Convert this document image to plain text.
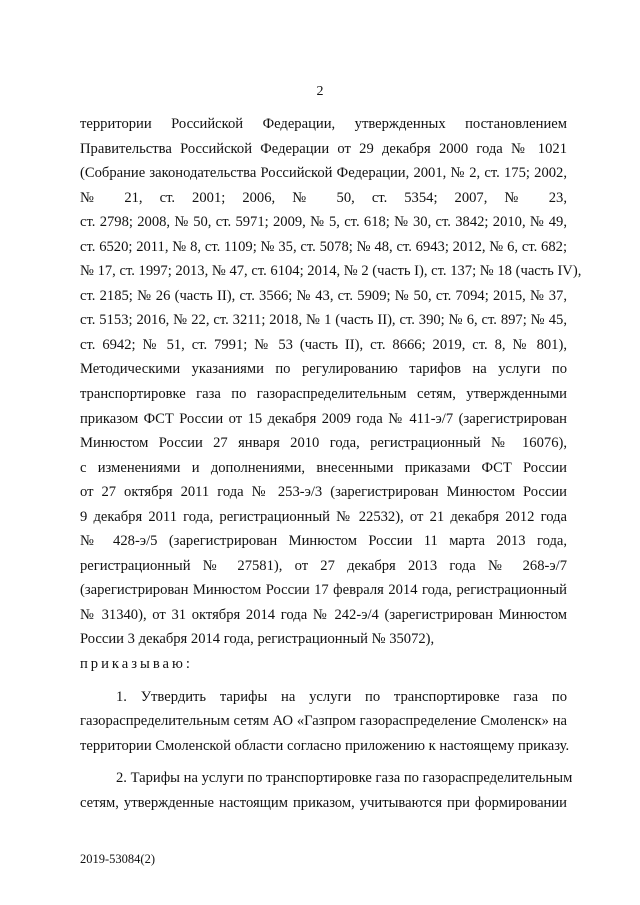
2
территории Российской Федерации, утвержденных постановлением
Правительства Российской Федерации от 29 декабря 2000 года № 1021
(Собрание законодательства Российской Федерации, 2001, № 2, ст. 175; 2002,
№ 21, ст. 2001; 2006, № 50, ст. 5354; 2007, № 23,
ст. 2798; 2008, № 50, ст. 5971; 2009, № 5, ст. 618; № 30, ст. 3842; 2010, № 49,
ст. 6520; 2011, № 8, ст. 1109; № 35, ст. 5078; № 48, ст. 6943; 2012, № 6, ст. 682;
№ 17, ст. 1997; 2013, № 47, ст. 6104; 2014, № 2 (часть I), ст. 137; № 18 (часть IV),
ст. 2185; № 26 (часть II), ст. 3566; № 43, ст. 5909; № 50, ст. 7094; 2015, № 37,
ст. 5153; 2016, № 22, ст. 3211; 2018, № 1 (часть II), ст. 390; № 6, ст. 897; № 45,
ст. 6942; № 51, ст. 7991; № 53 (часть II), ст. 8666; 2019, ст. 8, № 801),
Методическими указаниями по регулированию тарифов на услуги по
транспортировке газа по газораспределительным сетям, утвержденными
приказом ФСТ России от 15 декабря 2009 года № 411-э/7 (зарегистрирован
Минюстом России 27 января 2010 года, регистрационный № 16076),
с изменениями и дополнениями, внесенными приказами ФСТ России
от 27 октября 2011 года № 253-э/3 (зарегистрирован Минюстом России
9 декабря 2011 года, регистрационный № 22532), от 21 декабря 2012 года
№ 428-э/5 (зарегистрирован Минюстом России 11 марта 2013 года,
регистрационный № 27581), от 27 декабря 2013 года № 268-э/7
(зарегистрирован Минюстом России 17 февраля 2014 года, регистрационный
№ 31340), от 31 октября 2014 года № 242-э/4 (зарегистрирован Минюстом
России 3 декабря 2014 года, регистрационный № 35072),
приказываю:
1. Утвердить тарифы на услуги по транспортировке газа по
газораспределительным сетям АО «Газпром газораспределение Смоленск» на
территории Смоленской области согласно приложению к настоящему приказу.
2. Тарифы на услуги по транспортировке газа по газораспределительным
сетям, утвержденные настоящим приказом, учитываются при формировании
2019-53084(2)
